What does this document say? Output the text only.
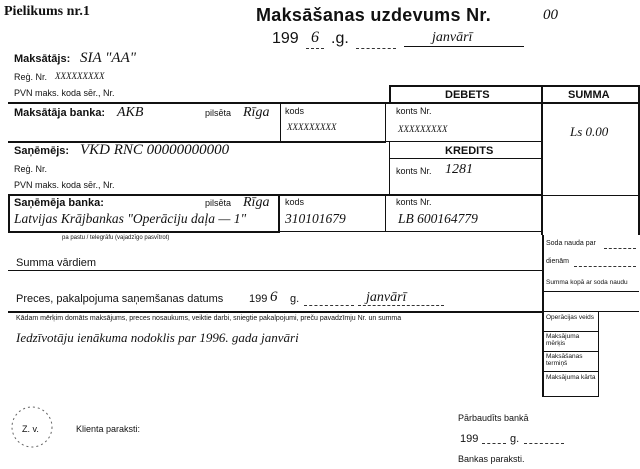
Pielikums nr.1	Maksāšanas uzdevums Nr.	00
199 6 .g.	janvārī
Maksātājs: SIA "AA"
Reģ. Nr. XXXXXXXXX
PVN maks. koda sēr., Nr.	DEBETS	SUMMA
Maksātāja banka: AKB	pilsēta Rīga kods
XXXXXXXXX
konts Nr.
XXXXXXXXX	Ls 0.00
KREDITS
Saņēmējs: VKD RNC 00000000000
Reģ. Nr.
PVN maks. koda sēr., Nr.
konts Nr. 1281
Saņēmēja banka:	pilsēta Rīga
Latvijas Krājbankas "Operāciju daļa — 1"
kods
310101679
konts Nr.
LB 600164779
pa pastu / telegrāfu (vajadzīgo pasvītrot)
Summa vārdiem
Soda nauda par
dienām
Summa kopā ar soda naudu
Preces, pakalpojuma saņemšanas datums 199 6 g.	janvārī
Operācijas veids
Maksājuma mērķis
Maksāšanas termiņš
Maksājuma kārta
Kādam mērķim domāts maksājums, preces nosaukums, veiktie darbi, sniegtie pakalpojumi, preču pavadzīmju Nr. un summa
Iedzīvotāju ienākuma nodoklis par 1996. gada janvāri
Z. v.	Klienta paraksti:
Pārbaudīts bankā
199	g.
Bankas paraksti.
